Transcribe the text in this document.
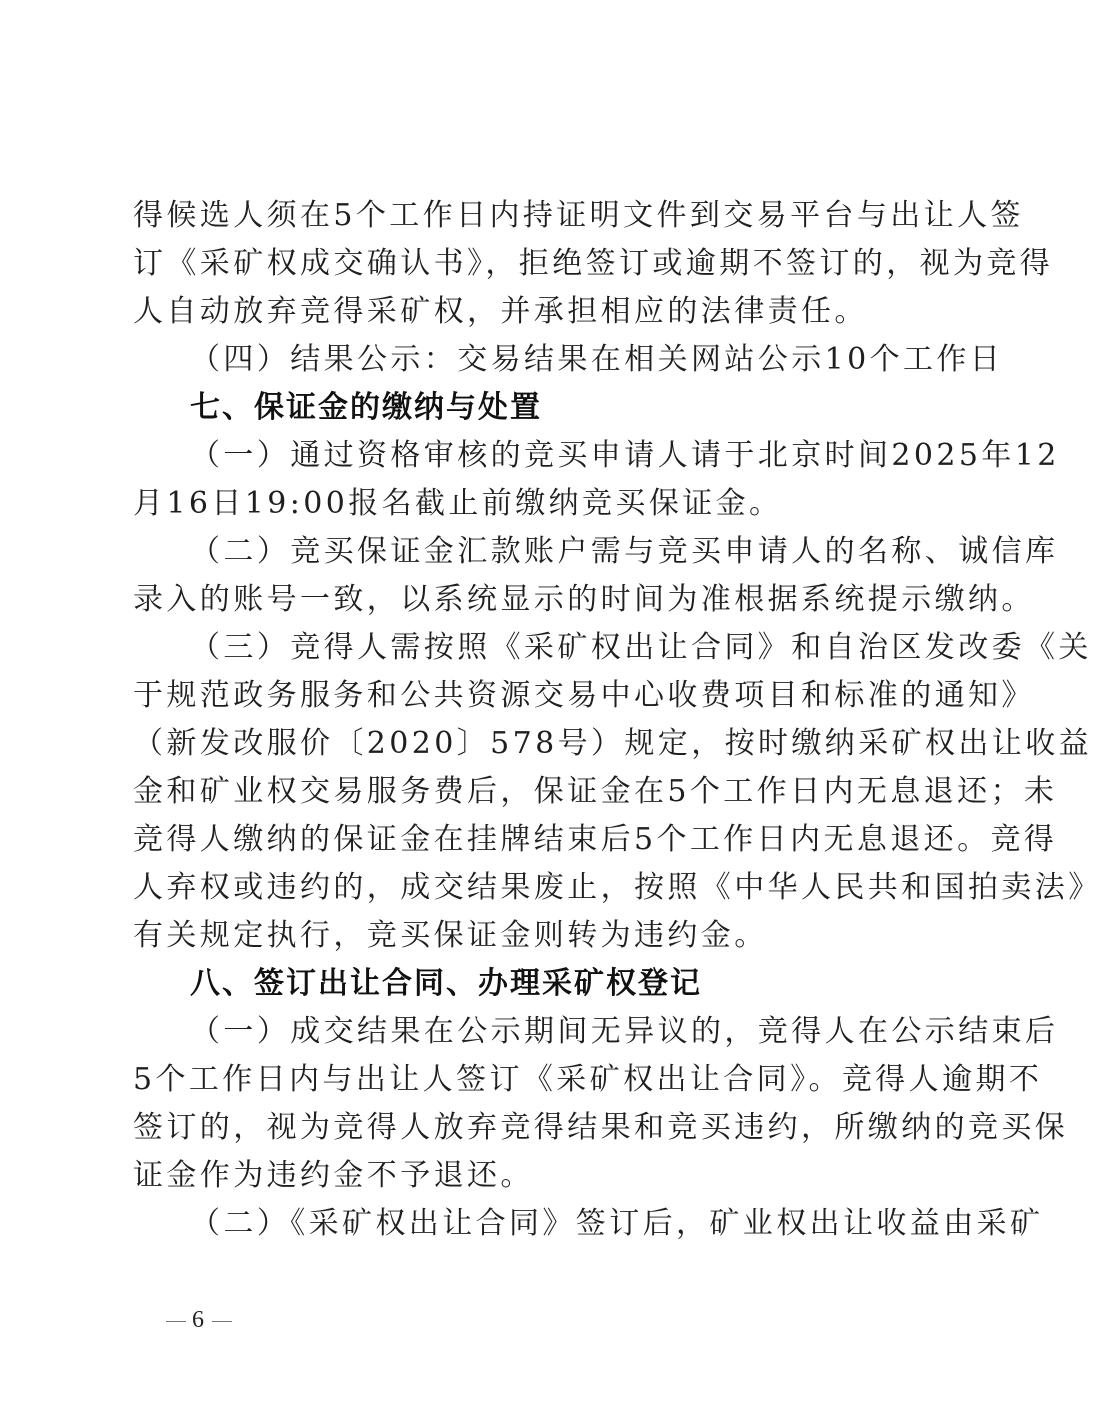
得候选人须在5个工作日内持证明文件到交易平台与出让人签
订《采矿权成交确认书》，拒绝签订或逾期不签订的，视为竞得
人自动放弃竞得采矿权，并承担相应的法律责任。
（四）结果公示：交易结果在相关网站公示10个工作日
七、保证金的缴纳与处置
（一）通过资格审核的竞买申请人请于北京时间2025年12
月16日19:00报名截止前缴纳竞买保证金。
（二）竞买保证金汇款账户需与竞买申请人的名称、诚信库
录入的账号一致，以系统显示的时间为准根据系统提示缴纳。
（三）竞得人需按照《采矿权出让合同》和自治区发改委《关
于规范政务服务和公共资源交易中心收费项目和标准的通知》
（新发改服价〔2020〕578号）规定，按时缴纳采矿权出让收益
金和矿业权交易服务费后，保证金在5个工作日内无息退还；未
竞得人缴纳的保证金在挂牌结束后5个工作日内无息退还。竞得
人弃权或违约的，成交结果废止，按照《中华人民共和国拍卖法》
有关规定执行，竞买保证金则转为违约金。
八、签订出让合同、办理采矿权登记
（一）成交结果在公示期间无异议的，竞得人在公示结束后
5个工作日内与出让人签订《采矿权出让合同》。竞得人逾期不
签订的，视为竞得人放弃竞得结果和竞买违约，所缴纳的竞买保
证金作为违约金不予退还。
（二）《采矿权出让合同》签订后，矿业权出让收益由采矿
6
